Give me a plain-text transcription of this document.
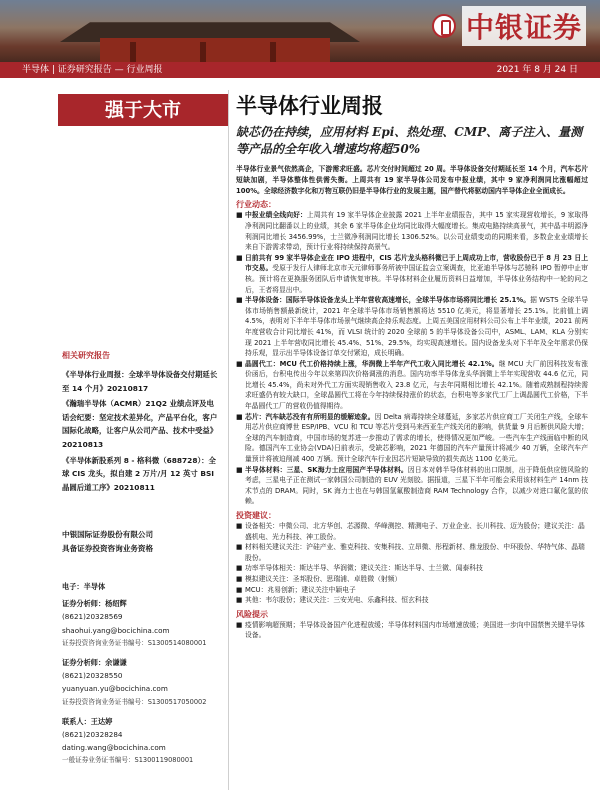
中银证券
半导体 | 证券研究报告 — 行业周报	2021 年 8 月 24 日
强于大市
相关研究报告
《半导体行业周报：全球半导体设备交付期延长至 14 个月》20210817
《瀚瑞半导体（ACMR）21Q2 业绩点评及电话会纪要：坚定技术差异化，产品平台化，客户国际化战略，让客户从公司产品、技术中受益》20210813
《半导体新股系列 8 - 格科微（688728）：全球 CIS 龙头，拟自建 2 万片/月 12 英寸 BSI 晶圆后道工序》20210811
中银国际证券股份有限公司
具备证券投资咨询业务资格
电子：半导体
证券分析师：杨绍辉
(8621)20328569
shaohui.yang@bocichina.com
证券投资咨询业务证书编号：S1300514080001
证券分析师：余谦谦
(8621)20328550
yuanyuan.yu@bocichina.com
证券投资咨询业务证书编号：S1300517050002
联系人：王达婷
(8621)20328284
dating.wang@bocichina.com
一般证券业务证书编号：S1300119080001
半导体行业周报
缺芯仍在持续，应用材料 Epi、热处理、CMP、离子注入、量测等产品的全年收入增速均将超50%
半导体行业景气依然高企，下游需求旺盛。芯片交付时间超过 20 周。半导体设备交付期延长至 14 个月，汽车芯片短缺加剧，半导体整体性供需失衡。上周共有 19 家半导体公司发布中报业绩，其中 9 家净利润同比涨幅超过 100%。全球经济数字化和万物互联仍旧是半导体行业的发展主题，国产替代将驱动国内半导体企业全面成长。
行业动态：
■ 中报业绩全线向好：上周共有 19 家半导体企业披露 2021 上半年业绩报告，其中 15 家实现营收增长，9 家取得净利润同比翻番以上的业绩，其余 6 家半导体企业均同比取得大幅度增长。集成电路持续高景气，其中晶丰明源净利润同比增长 3456.99%，士兰微净利润同比增长 1306.52%。以公司业绩变动的同期来看，多数企业业绩增长来自下游需求带动，预计行业将持续保持高景气。
■ 日前共有 99 家半导体企业在 IPO 进程中，CIS 芯片龙头格科微已于上周成功上市，营收股份已于 8 月 23 日上市交易。受原于发行人律师北京市天元律师事务所被中国证监会立案调查，比亚迪半导体与芯驰科 IPO 暂停中止审核。预计将在更换服务团队后申请恢复审核。半导体材料企业履历资料日益增加，半导体业务结构中一轮的问之后，王者将显出中。
■ 半导体设备：国际半导体设备龙头上半年营收高速增长，全球半导体市场将同比增长 25.1%。据 WSTS 全球半导体市场销售额最新统计，2021 年全球半导体市场销售额将达 5510 亿美元，将显著增长 25.1%。比前值上调 4.5%，表明对下半年半导体市场景气继续高企持乐观态度。上周五美国应用材料公司公布上半年业绩，2021 前两年度营收合计同比增长 41%，而 VLSI 统计的 2020 全球前 5 的半导体设备公司中，ASML、LAM、KLA 分别实现 2021 上半年营收同比增长 45.4%、51%、29.5%，均实现高速增长。国内设备龙头对下半年及全年需求仍保持乐观，显示出半导体设备订单交付紧迫，成长明确。
■ 晶圆代工：MCU 代工价格持续上涨，华润微上半年产代工收入同比增长 42.1%。继 MCU 大厂前因科技发布涨价函后，台积电传出今年以来第四次价格调涨的消息。国内功率半导体龙头华润微上半年实现营收 44.6 亿元，同比增长 45.4%，尚未对外代工方面实现销售收入 23.8 亿元，与去年同期相比增长 42.1%。随着成熟制程持续需求旺盛仍有较大缺口，全球晶圆代工将在今年持续保持涨价的状态，台积电等多家代工厂上调晶圆代工价格，下半年晶圆代工厂的营收仍值得期待。
■ 芯片：汽车缺芯没有有所明显的缓解迹象。因 Delta 病毒持续全球蔓延，多家芯片供应商工厂关闭生产线，全球车用芯片供应商博世 ESP/IPB、VCU 和 TCU 等芯片受到马来西亚生产线关闭的影响，供货量 9 月后断供风险大增；全球的汽车制造商，中国市场的复苏进一步推动了需求的增长，使得情况更加严峻。一些汽车生产线面临中断的风险。德国汽车工业协会(VDA)日前表示，受缺芯影响，2021 年德国的汽车产量预计将减少 40 万辆，全球汽车产量预计将被迫削减 400 万辆。预计全球汽车行业因芯片短缺导致的损失高达 1100 亿美元。
■ 半导体材料：三星、SK海力士应用国产半导体材料。因日本对韩半导体材料的出口限制，出于降低供应链风险的考虑，三星电子正在测试一家韩国公司制造的 EUV 光刻胶。据报道，三星下半年可能会采用该材料生产 14nm 技术节点的 DRAM。同时，SK 海力士也在与韩国氢氟酸制造商 RAM Technology 合作，以减少对进口氟化氢的依赖。
投资建议：
■ 设备相关：中微公司、北方华创、芯源微、华峰测控、精测电子、万业企业、长川科技、迈为股份；建议关注：晶盛机电、光力科技、神工股份。
■ 材料相关建议关注：沪硅产业、雅克科技、安集科技、立昂微、彤程新材、鼎龙股份、中环股份、华特气体、晶瑞股份。
■ 功率半导体相关：斯达半导、华润微；建议关注：斯达半导、士兰微、闻泰科技
■ 模拟建议关注：圣邦股份、思瑞浦、卓胜微（射频）
■ MCU：兆易创新；建议关注中颖电子
■ 其他：韦尔股份；建议关注：三安光电、乐鑫科技、恒玄科技
风险提示
■ 疫情影响超预期；半导体设备国产化进程放缓；半导体材料国内市场增速放缓；美国进一步向中国禁售关键半导体设备。
